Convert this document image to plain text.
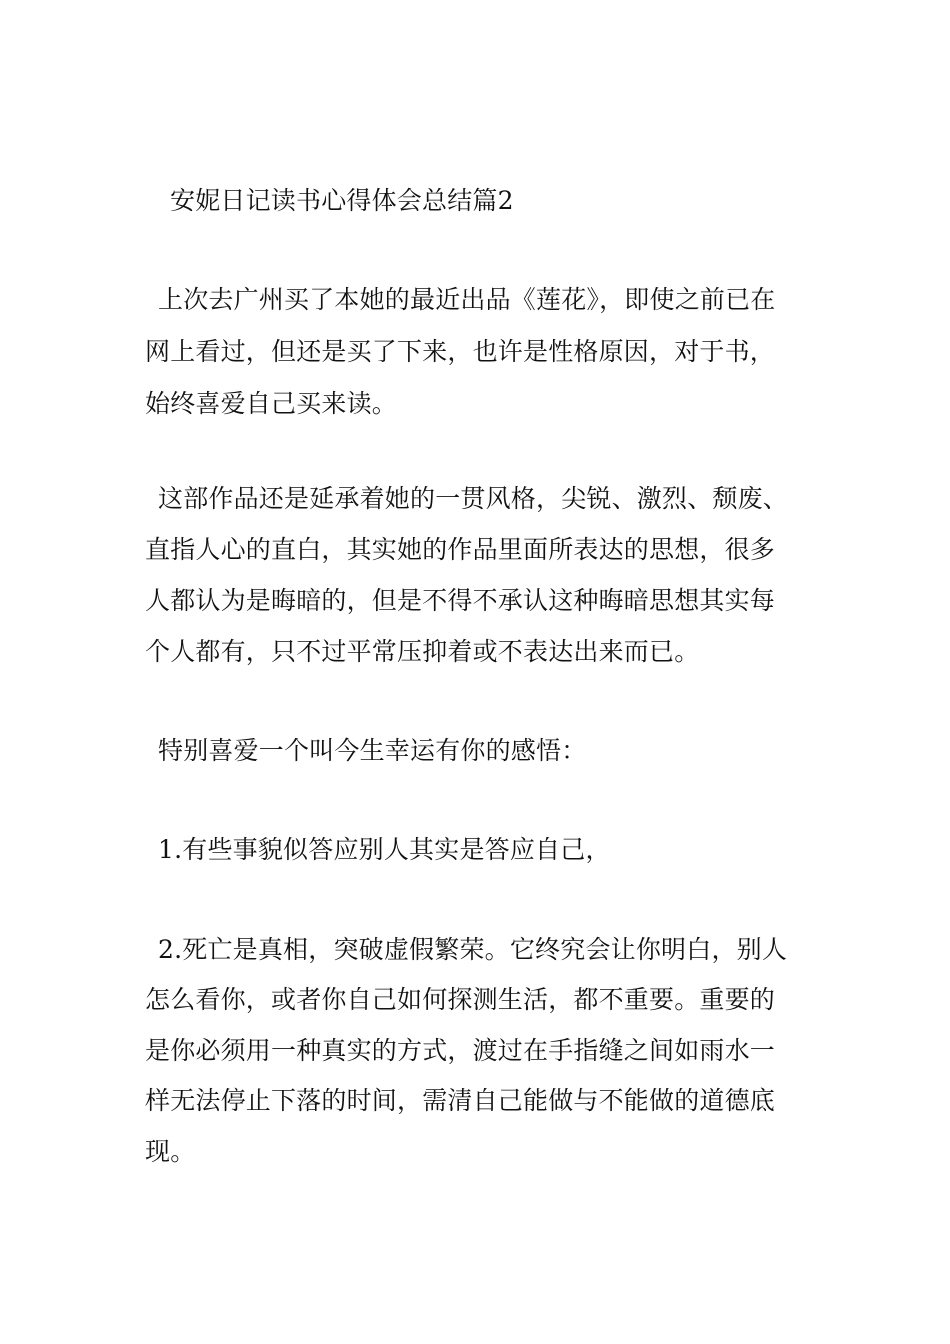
安妮日记读书心得体会总结篇2
上次去广州买了本她的最近出品《莲花》，即使之前已在
网上看过，但还是买了下来，也许是性格原因，对于书，
始终喜爱自己买来读。
这部作品还是延承着她的一贯风格，尖锐、激烈、颓废、
直指人心的直白，其实她的作品里面所表达的思想，很多
人都认为是晦暗的，但是不得不承认这种晦暗思想其实每
个人都有，只不过平常压抑着或不表达出来而已。
特别喜爱一个叫今生幸运有你的感悟：
1.有些事貌似答应别人其实是答应自己，
2.死亡是真相，突破虚假繁荣。它终究会让你明白，别人
怎么看你，或者你自己如何探测生活，都不重要。重要的
是你必须用一种真实的方式，渡过在手指缝之间如雨水一
样无法停止下落的时间，需清自己能做与不能做的道德底
现。
